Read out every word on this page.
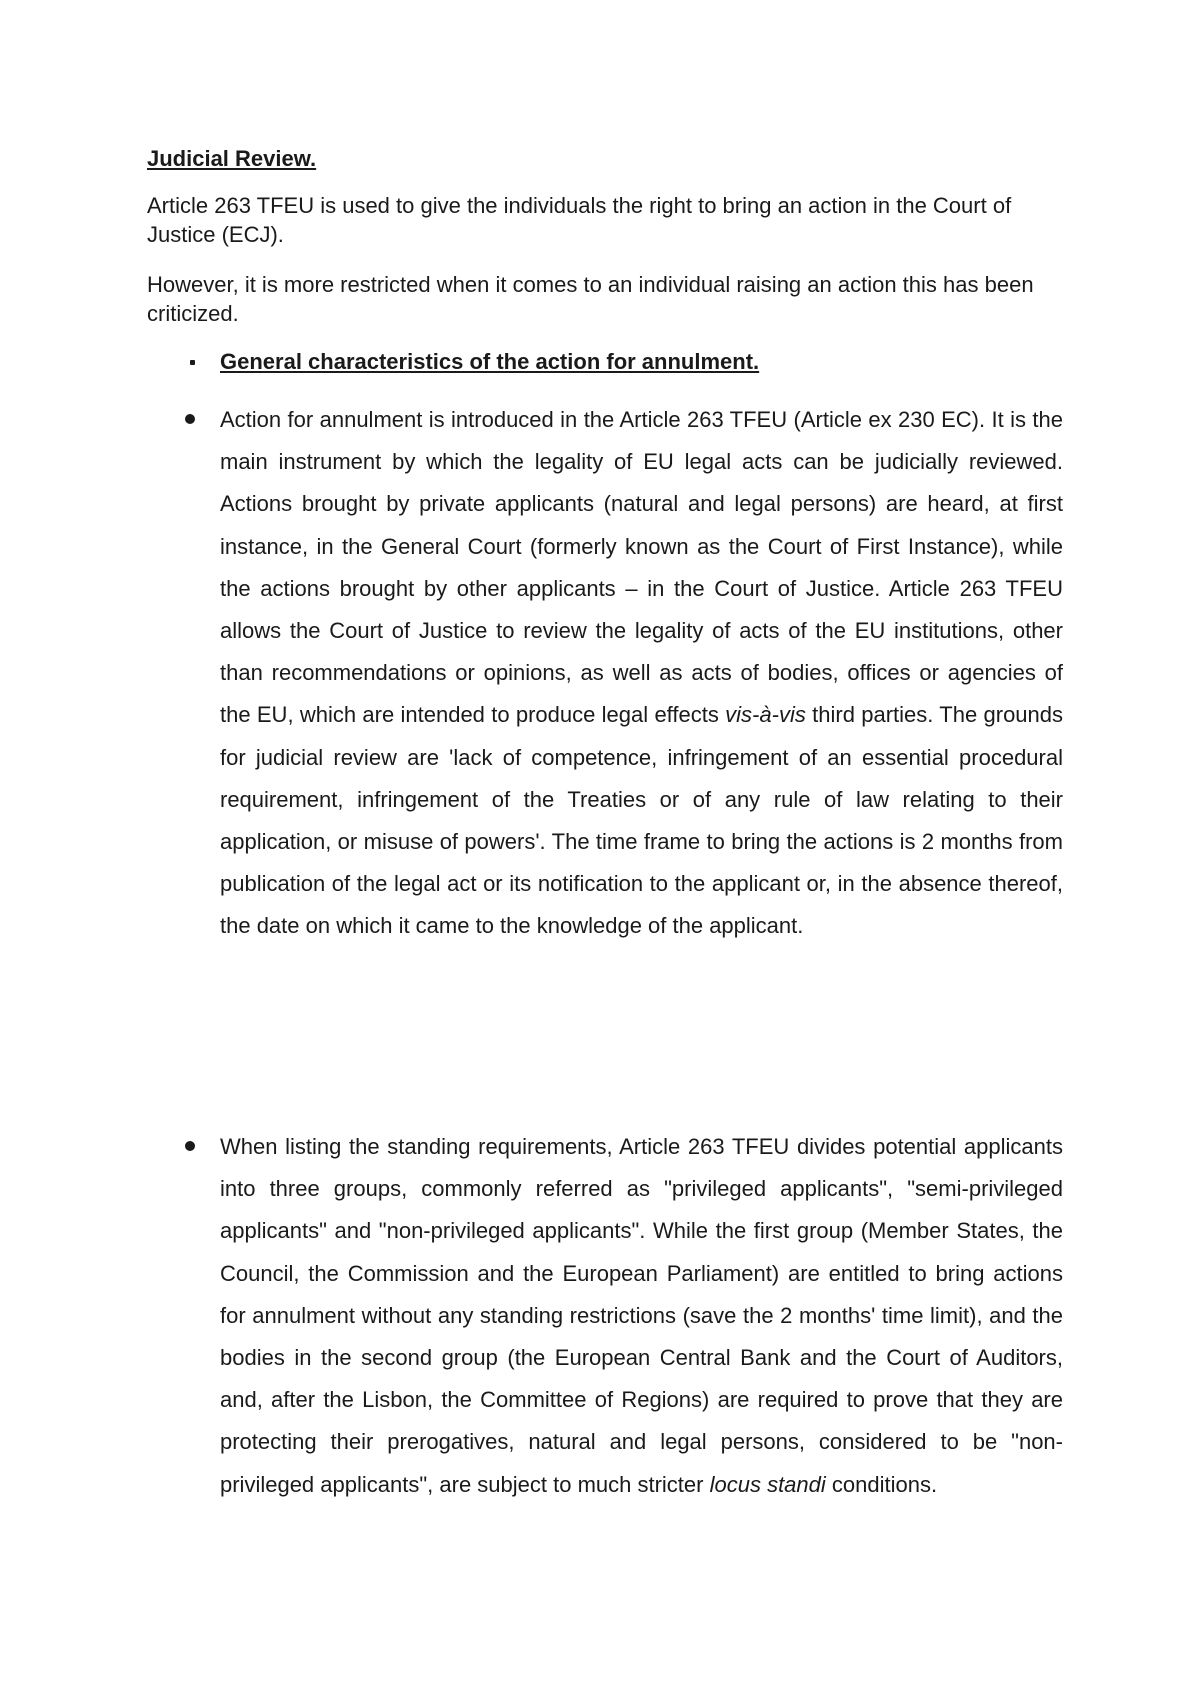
Judicial Review.

Article 263 TFEU is used to give the individuals the right to bring an action in the Court of Justice (ECJ).

However, it is more restricted when it comes to an individual raising an action this has been criticized.

General characteristics of the action for annulment.

Action for annulment is introduced in the Article 263 TFEU (Article ex 230 EC). It is the main instrument by which the legality of EU legal acts can be judicially reviewed. Actions brought by private applicants (natural and legal persons) are heard, at first instance, in the General Court (formerly known as the Court of First Instance), while the actions brought by other applicants – in the Court of Justice. Article 263 TFEU allows the Court of Justice to review the legality of acts of the EU institutions, other than recommendations or opinions, as well as acts of bodies, offices or agencies of the EU, which are intended to produce legal effects vis-à-vis third parties. The grounds for judicial review are 'lack of competence, infringement of an essential procedural requirement, infringement of the Treaties or of any rule of law relating to their application, or misuse of powers'. The time frame to bring the actions is 2 months from publication of the legal act or its notification to the applicant or, in the absence thereof, the date on which it came to the knowledge of the applicant.

When listing the standing requirements, Article 263 TFEU divides potential applicants into three groups, commonly referred as "privileged applicants", "semi-privileged applicants" and "non-privileged applicants". While the first group (Member States, the Council, the Commission and the European Parliament) are entitled to bring actions for annulment without any standing restrictions (save the 2 months' time limit), and the bodies in the second group (the European Central Bank and the Court of Auditors, and, after the Lisbon, the Committee of Regions) are required to prove that they are protecting their prerogatives, natural and legal persons, considered to be "non-privileged applicants", are subject to much stricter locus standi conditions.
